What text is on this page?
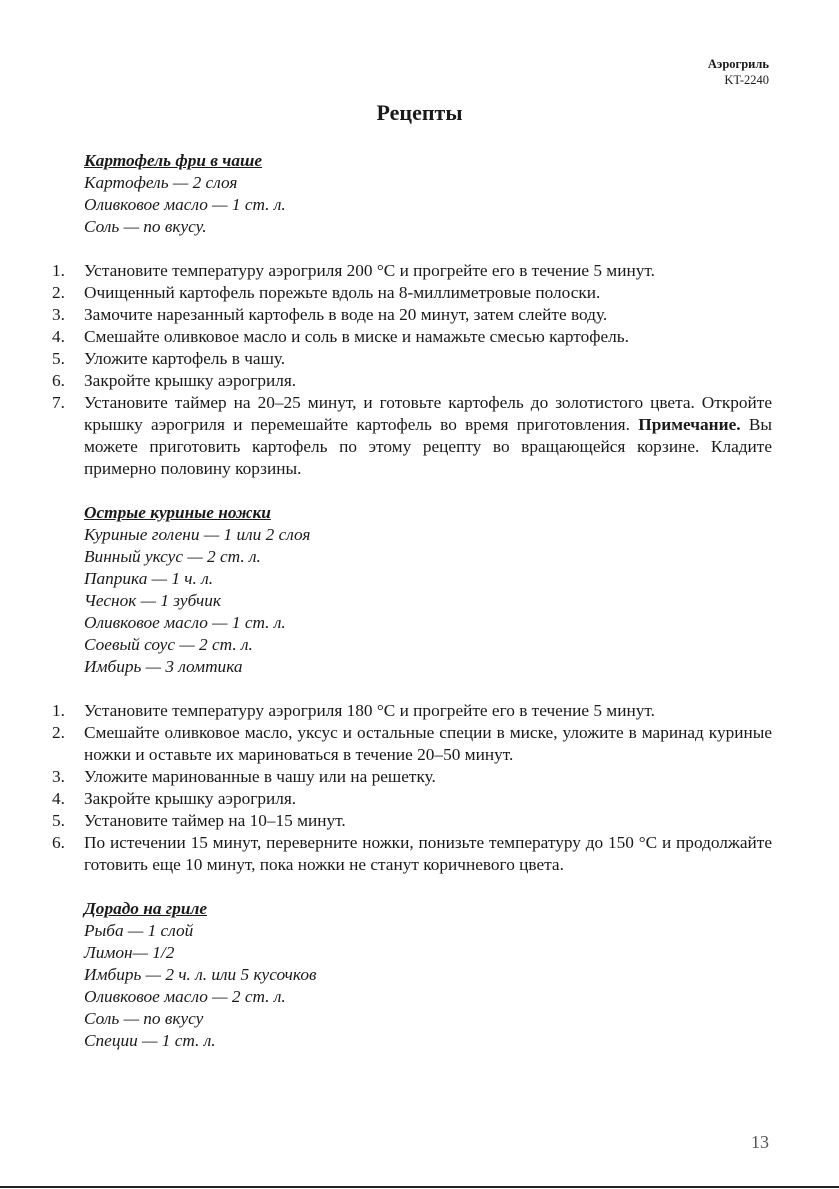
Аэрогриль
KT-2240
Рецепты

Картофель фри в чаше

Картофель — 2 слоя

Оливковое масло — 1 ст. л.

Соль — по вкусу.

1.	Установите температуру аэрогриля 200 °C и прогрейте его в течение 5 минут.
2.	Очищенный картофель порежьте вдоль на 8-миллиметровые полоски.
3.	Замочите нарезанный картофель в воде на 20 минут, затем слейте воду.
4.	Смешайте оливковое масло и соль в миске и намажьте смесью картофель.
5.	Уложите картофель в чашу.
6.	Закройте крышку аэрогриля.
7.	Установите таймер на 20–25 минут, и готовьте картофель до золотистого цвета. Откройте крышку аэрогриля и перемешайте картофель во время приготовления. Примечание. Вы можете приготовить картофель по этому рецепту во вращающейся корзине. Кладите примерно половину корзины.

Острые куриные ножки

Куриные голени — 1 или 2 слоя

Винный уксус — 2 ст. л.

Паприка — 1 ч. л.

Чеснок — 1 зубчик

Оливковое масло — 1 ст. л.

Соевый соус — 2 ст. л.

Имбирь — 3 ломтика

1.	Установите температуру аэрогриля 180 °C и прогрейте его в течение 5 минут.
2.	Смешайте оливковое масло, уксус и остальные специи в миске, уложите в маринад куриные ножки и оставьте их мариноваться в течение 20–50 минут.
3.	Уложите маринованные в чашу или на решетку.
4.	Закройте крышку аэрогриля.
5.	Установите таймер на 10–15 минут.
6.	По истечении 15 минут, переверните ножки, понизьте температуру до 150 °C и продолжайте готовить еще 10 минут, пока ножки не станут коричневого цвета.

Дорадо на гриле

Рыба — 1 слой

Лимон— 1/2

Имбирь — 2 ч. л. или 5 кусочков

Оливковое масло — 2 ст. л.

Соль — по вкусу

Специи — 1 ст. л.

13
